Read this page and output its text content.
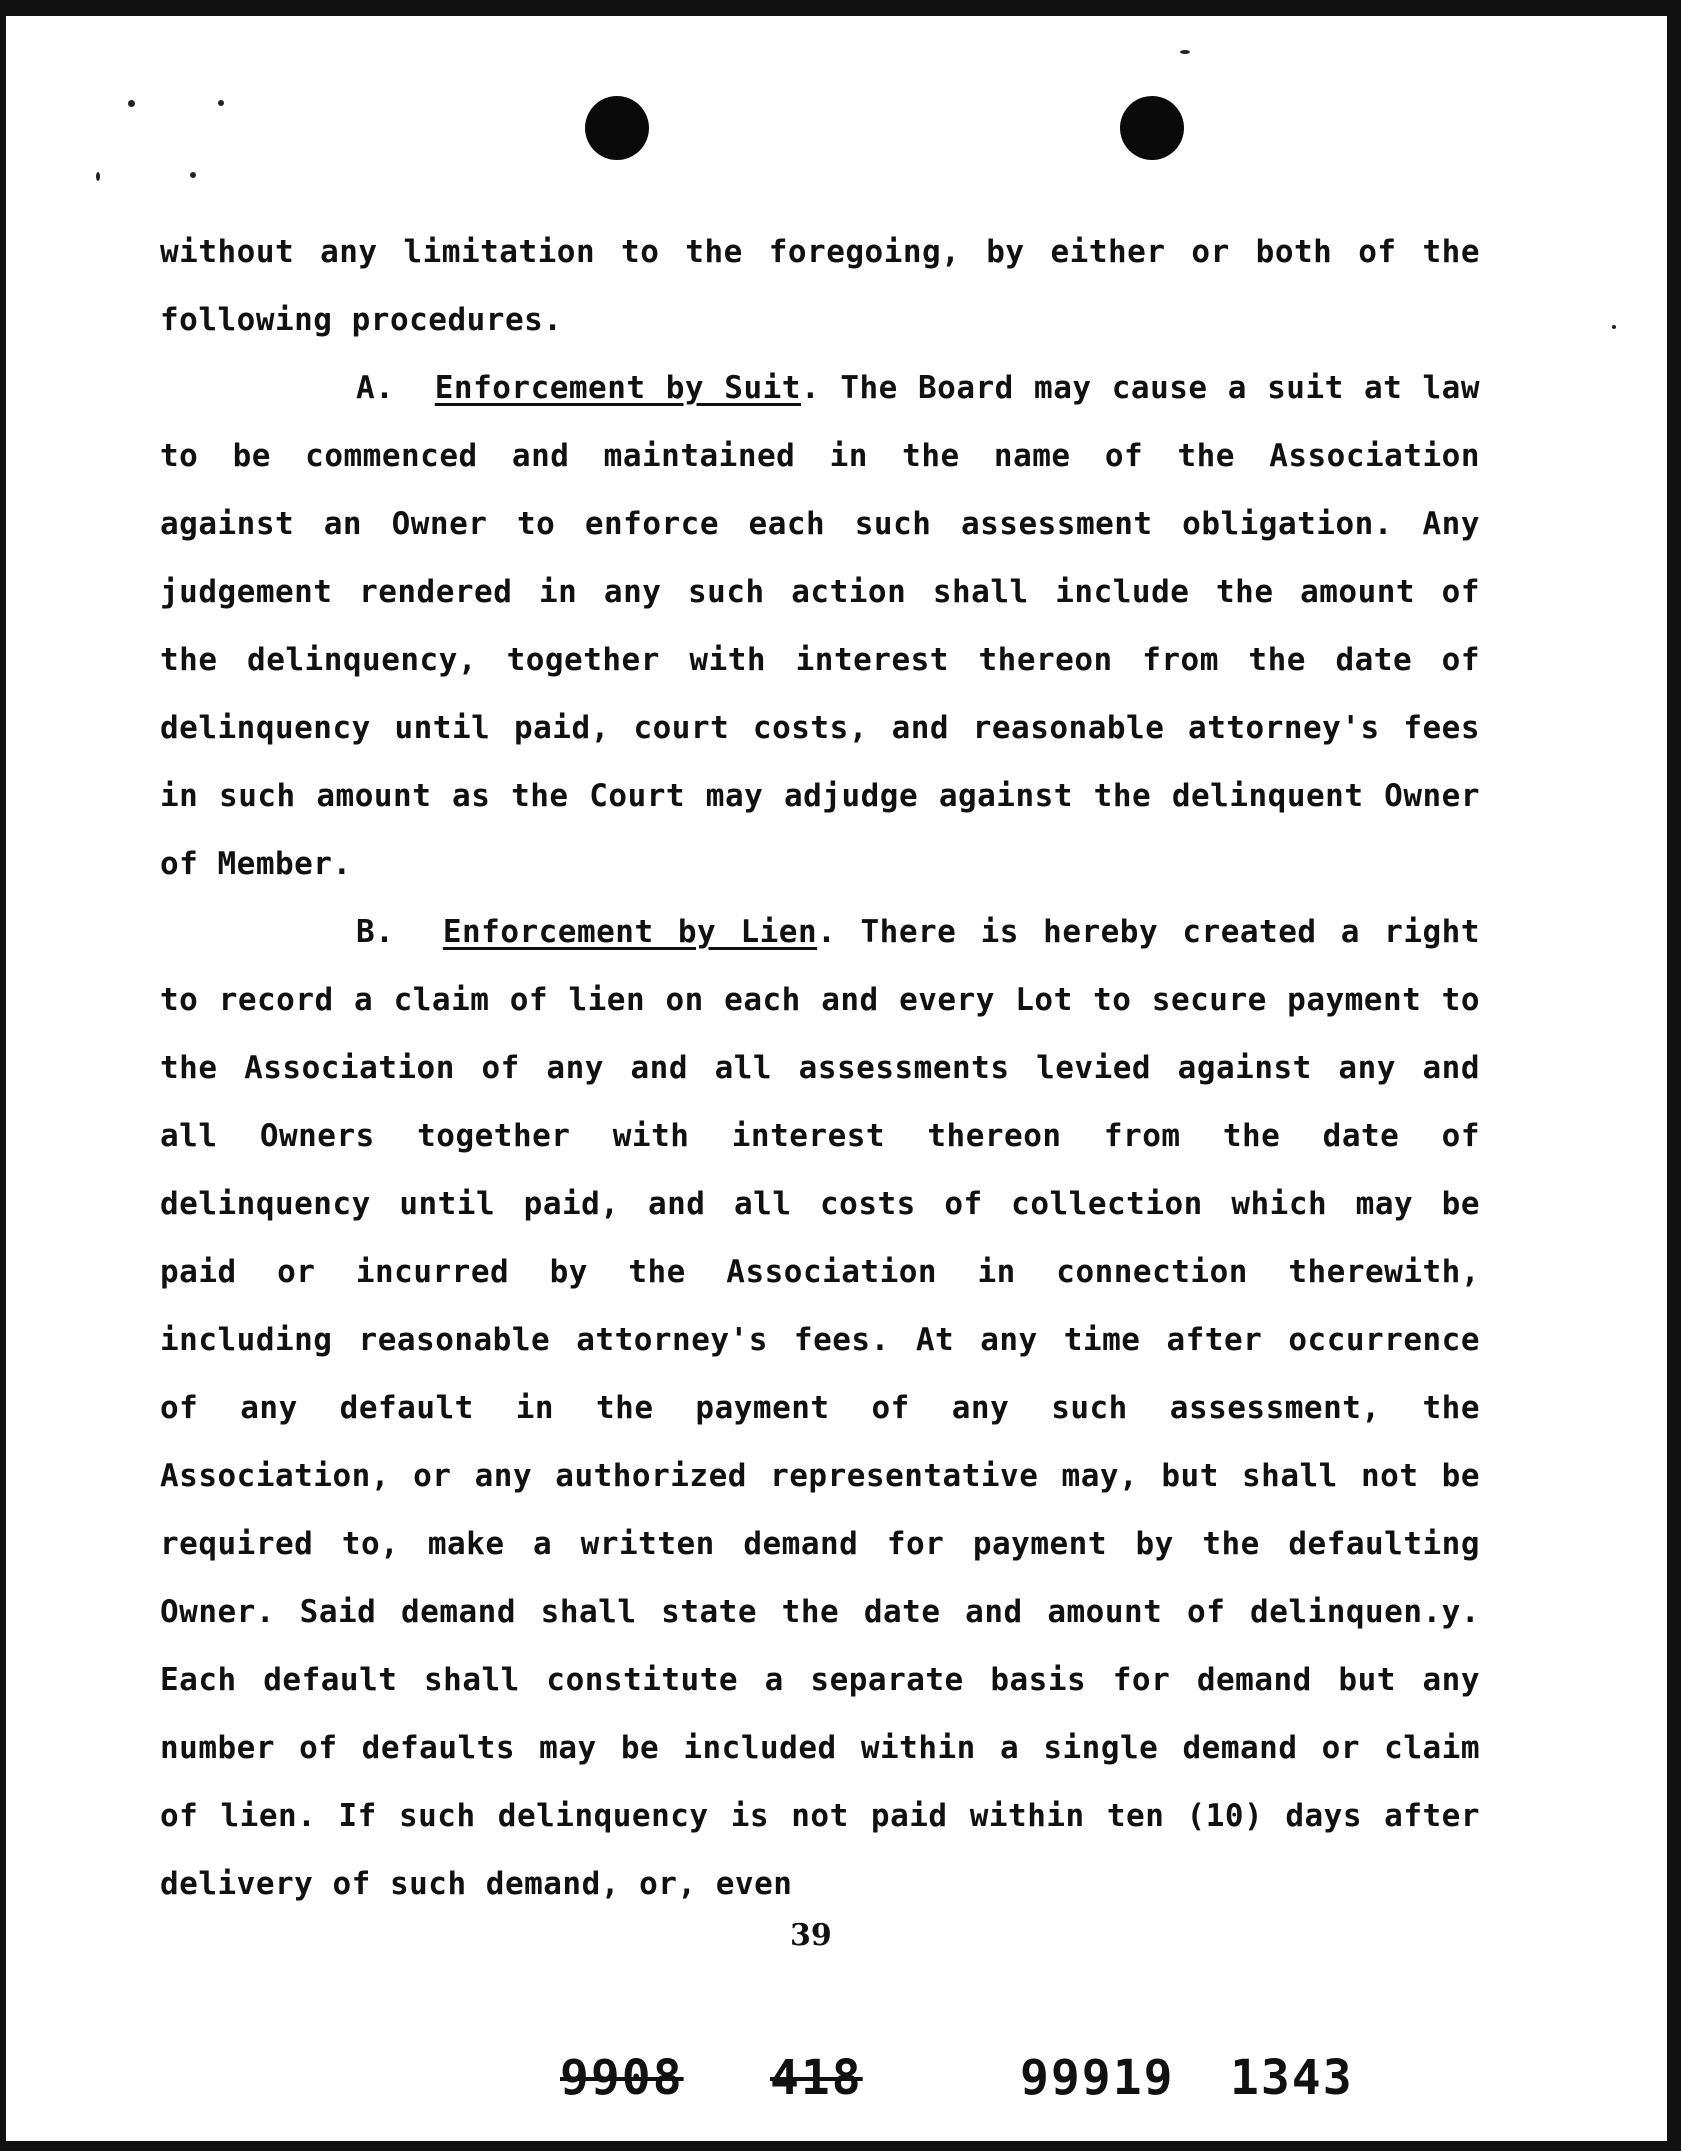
without any limitation to the foregoing, by either or both of the following procedures.

A. Enforcement by Suit. The Board may cause a suit at law to be commenced and maintained in the name of the Association against an Owner to enforce each such assessment obligation. Any judgement rendered in any such action shall include the amount of the delinquency, together with interest thereon from the date of delinquency until paid, court costs, and reasonable attorney's fees in such amount as the Court may adjudge against the delinquent Owner of Member.

B. Enforcement by Lien. There is hereby created a right to record a claim of lien on each and every Lot to secure payment to the Association of any and all assessments levied against any and all Owners together with interest thereon from the date of delinquency until paid, and all costs of collection which may be paid or incurred by the Association in connection therewith, including reasonable attorney's fees. At any time after occurrence of any default in the payment of any such assessment, the Association, or any authorized representative may, but shall not be required to, make a written demand for payment by the defaulting Owner. Said demand shall state the date and amount of delinquen.y. Each default shall constitute a separate basis for demand but any number of defaults may be included within a single demand or claim of lien. If such delinquency is not paid within ten (10) days after delivery of such demand, or, even

39
9908 418	99919 1343
